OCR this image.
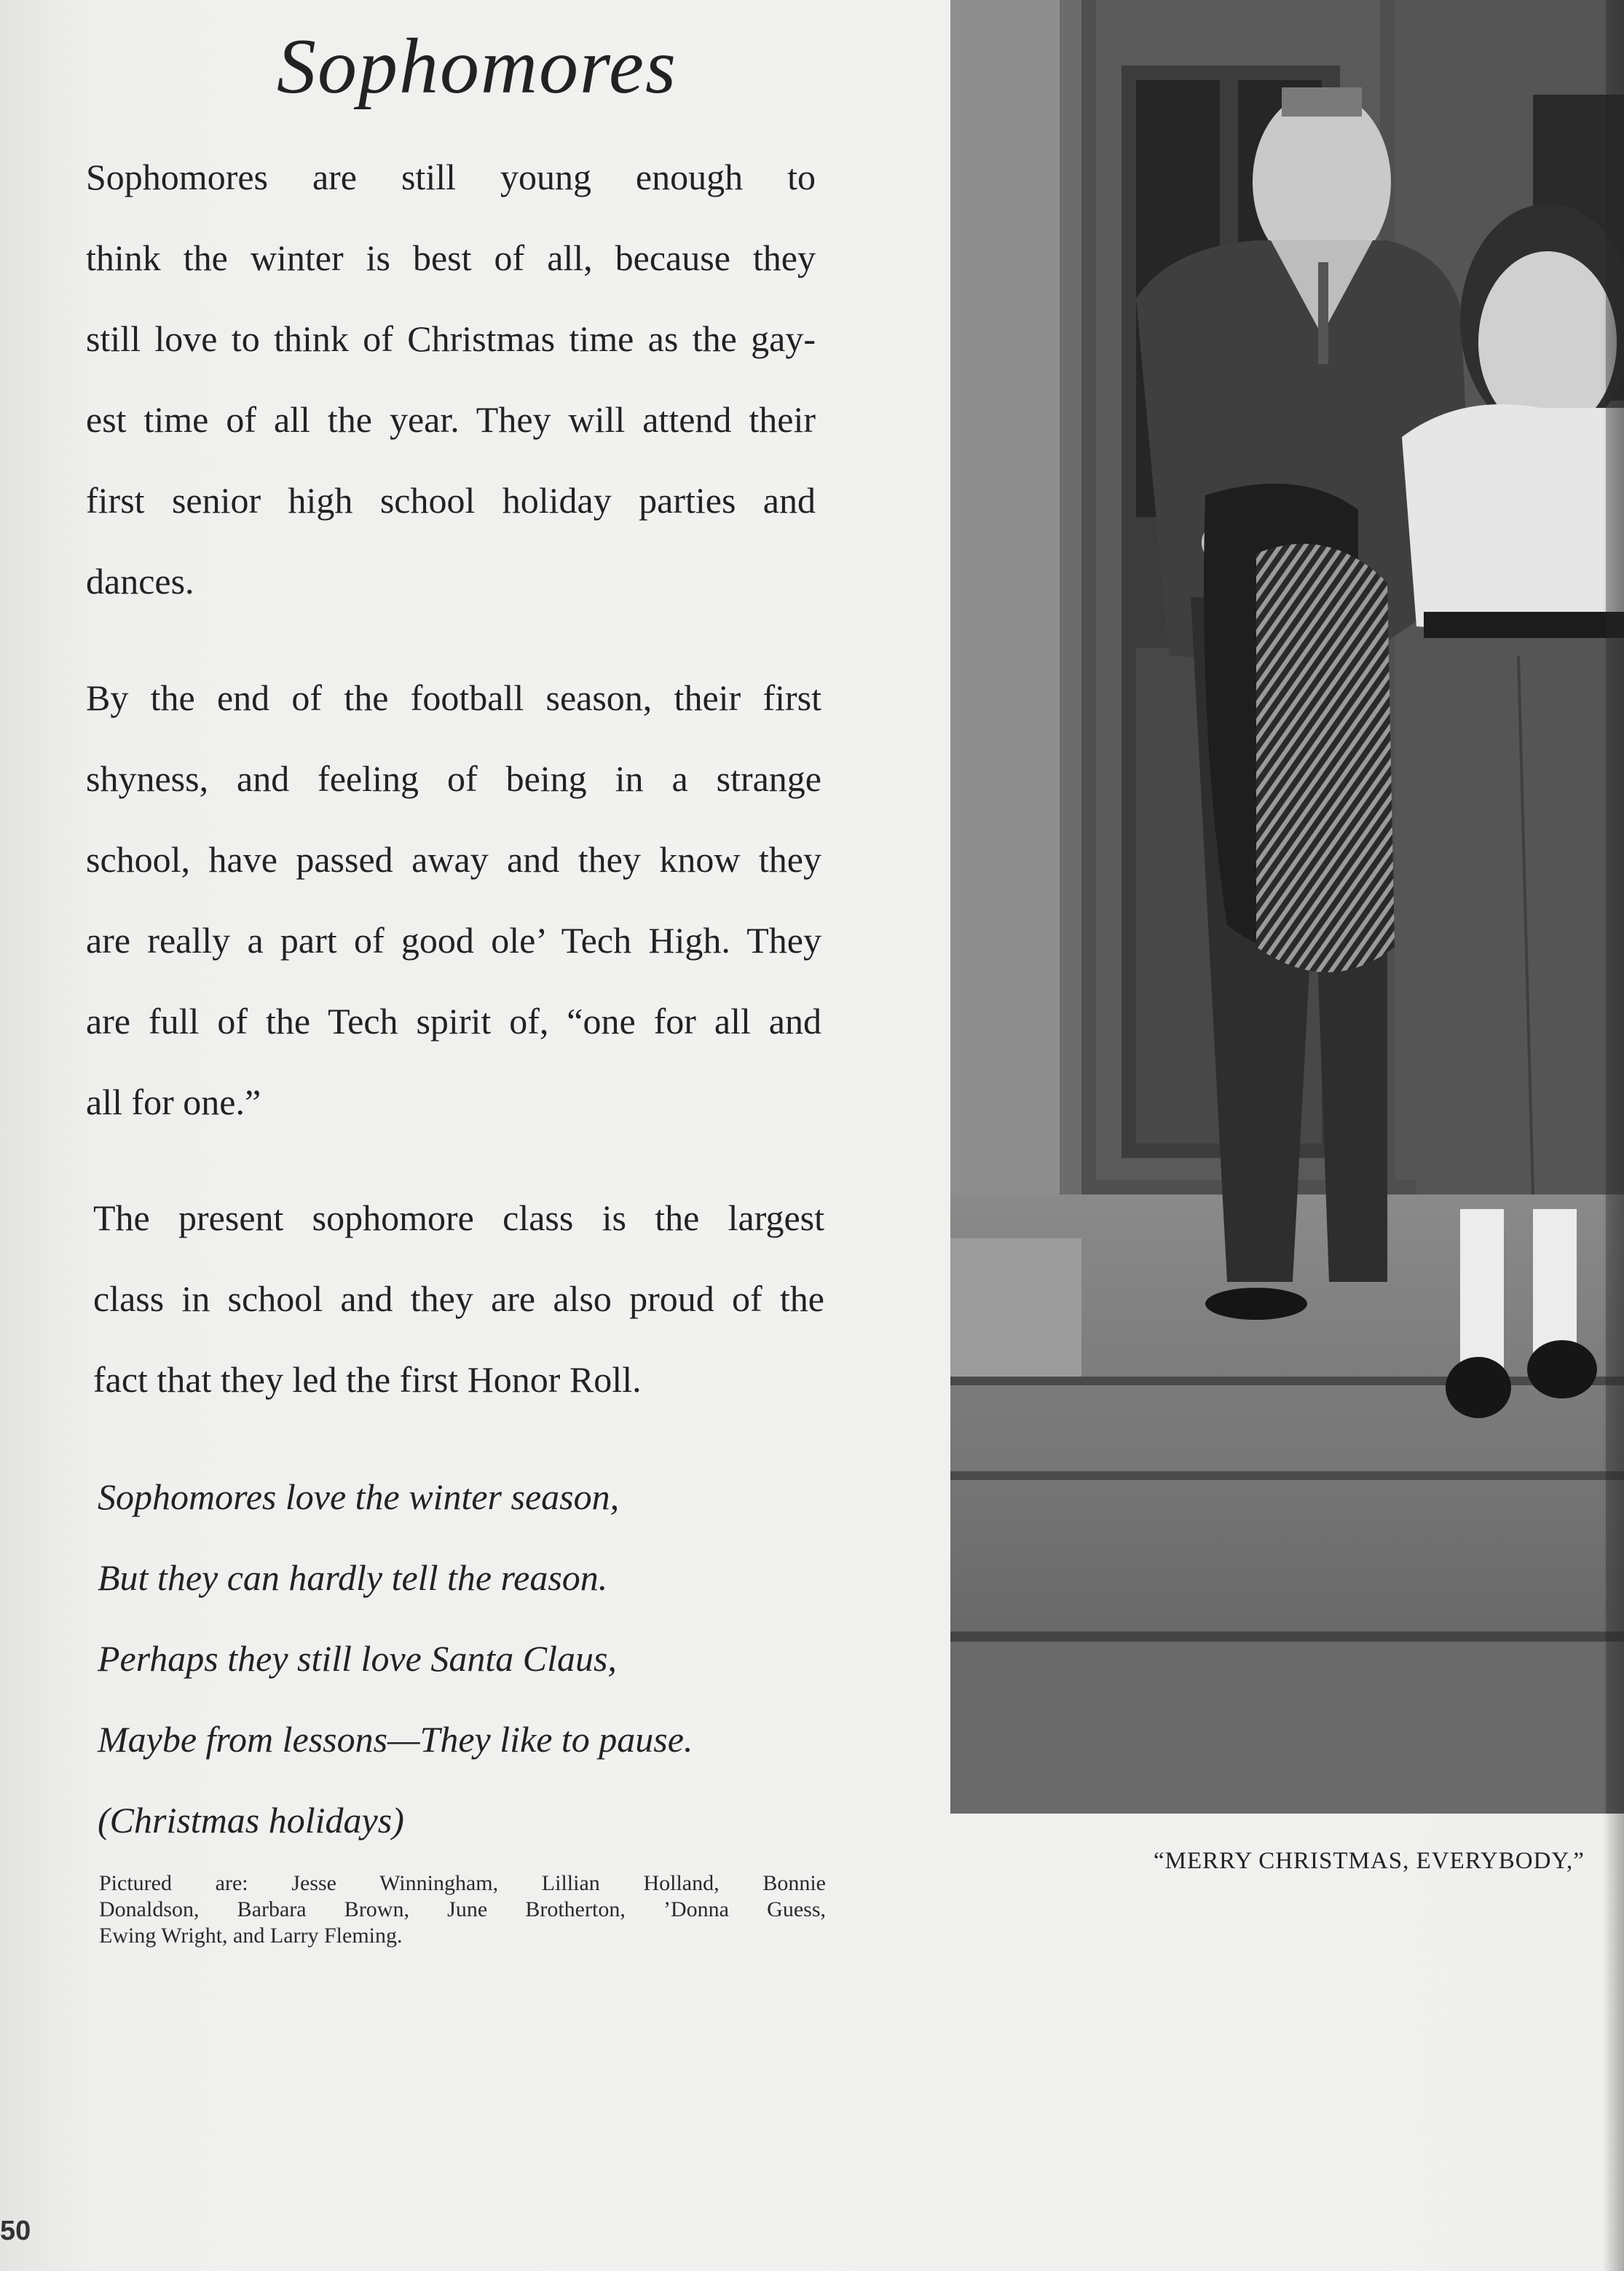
Sophomores
Sophomores are still young enough to
think the winter is best of all, because they
still love to think of Christmas time as the gay-
est time of all the year. They will attend their
first senior high school holiday parties and
dances.
By the end of the football season, their first
shyness, and feeling of being in a strange
school, have passed away and they know they
are really a part of good ole’ Tech High. They
are full of the Tech spirit of, “one for all and
all for one.”
The present sophomore class is the largest
class in school and they are also proud of the
fact that they led the first Honor Roll.
Sophomores love the winter season,
But they can hardly tell the reason.
Perhaps they still love Santa Claus,
Maybe from lessons—They like to pause.
(Christmas holidays)
Pictured are: Jesse Winningham, Lillian Holland, Bonnie
Donaldson, Barbara Brown, June Brotherton, ’Donna Guess,
Ewing Wright, and Larry Fleming.
“MERRY CHRISTMAS, EVERYBODY,”
50
